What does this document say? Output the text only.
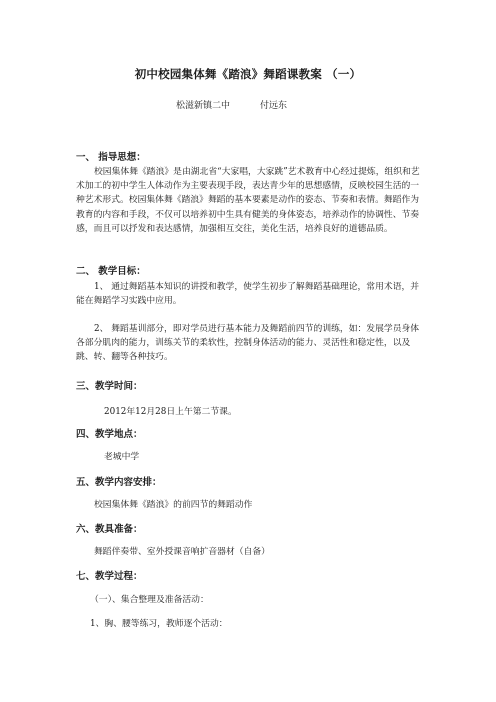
初中校园集体舞《踏浪》舞蹈课教案 （一）
松滋新镇二中	付远东
一、 指导思想：
校园集体舞《踏浪》是由湖北省“大家唱，大家跳”艺术教育中心经过提炼，组织和艺术加工的初中学生人体动作为主要表现手段，表达青少年的思想感情，反映校园生活的一种艺术形式。校园集体舞《踏浪》舞蹈的基本要素是动作的姿态、节奏和表情。舞蹈作为教育的内容和手段，不仅可以培养初中生具有健美的身体姿态，培养动作的协调性、节奏感，而且可以抒发和表达感情，加强相互交往，美化生活，培养良好的道德品质。
二、 教学目标：
1、 通过舞蹈基本知识的讲授和教学，使学生初步了解舞蹈基础理论，常用术语，并能在舞蹈学习实践中应用。
2、 舞蹈基训部分，即对学员进行基本能力及舞蹈前四节的训练，如：发展学员身体各部分肌肉的能力，训练关节的柔软性，控制身体活动的能力、灵活性和稳定性，以及跳、转、翻等各种技巧。
三、教学时间：
2012年12月28日上午第二节课。
四、教学地点：
老城中学
五、教学内容安排：
校园集体舞《踏浪》的前四节的舞蹈动作
六、教具准备：
舞蹈伴奏带、室外授课音响扩音器材（自备）
七、教学过程：
（一）、集合整理及准备活动：
1、胸、腰等练习，教师逐个活动：
